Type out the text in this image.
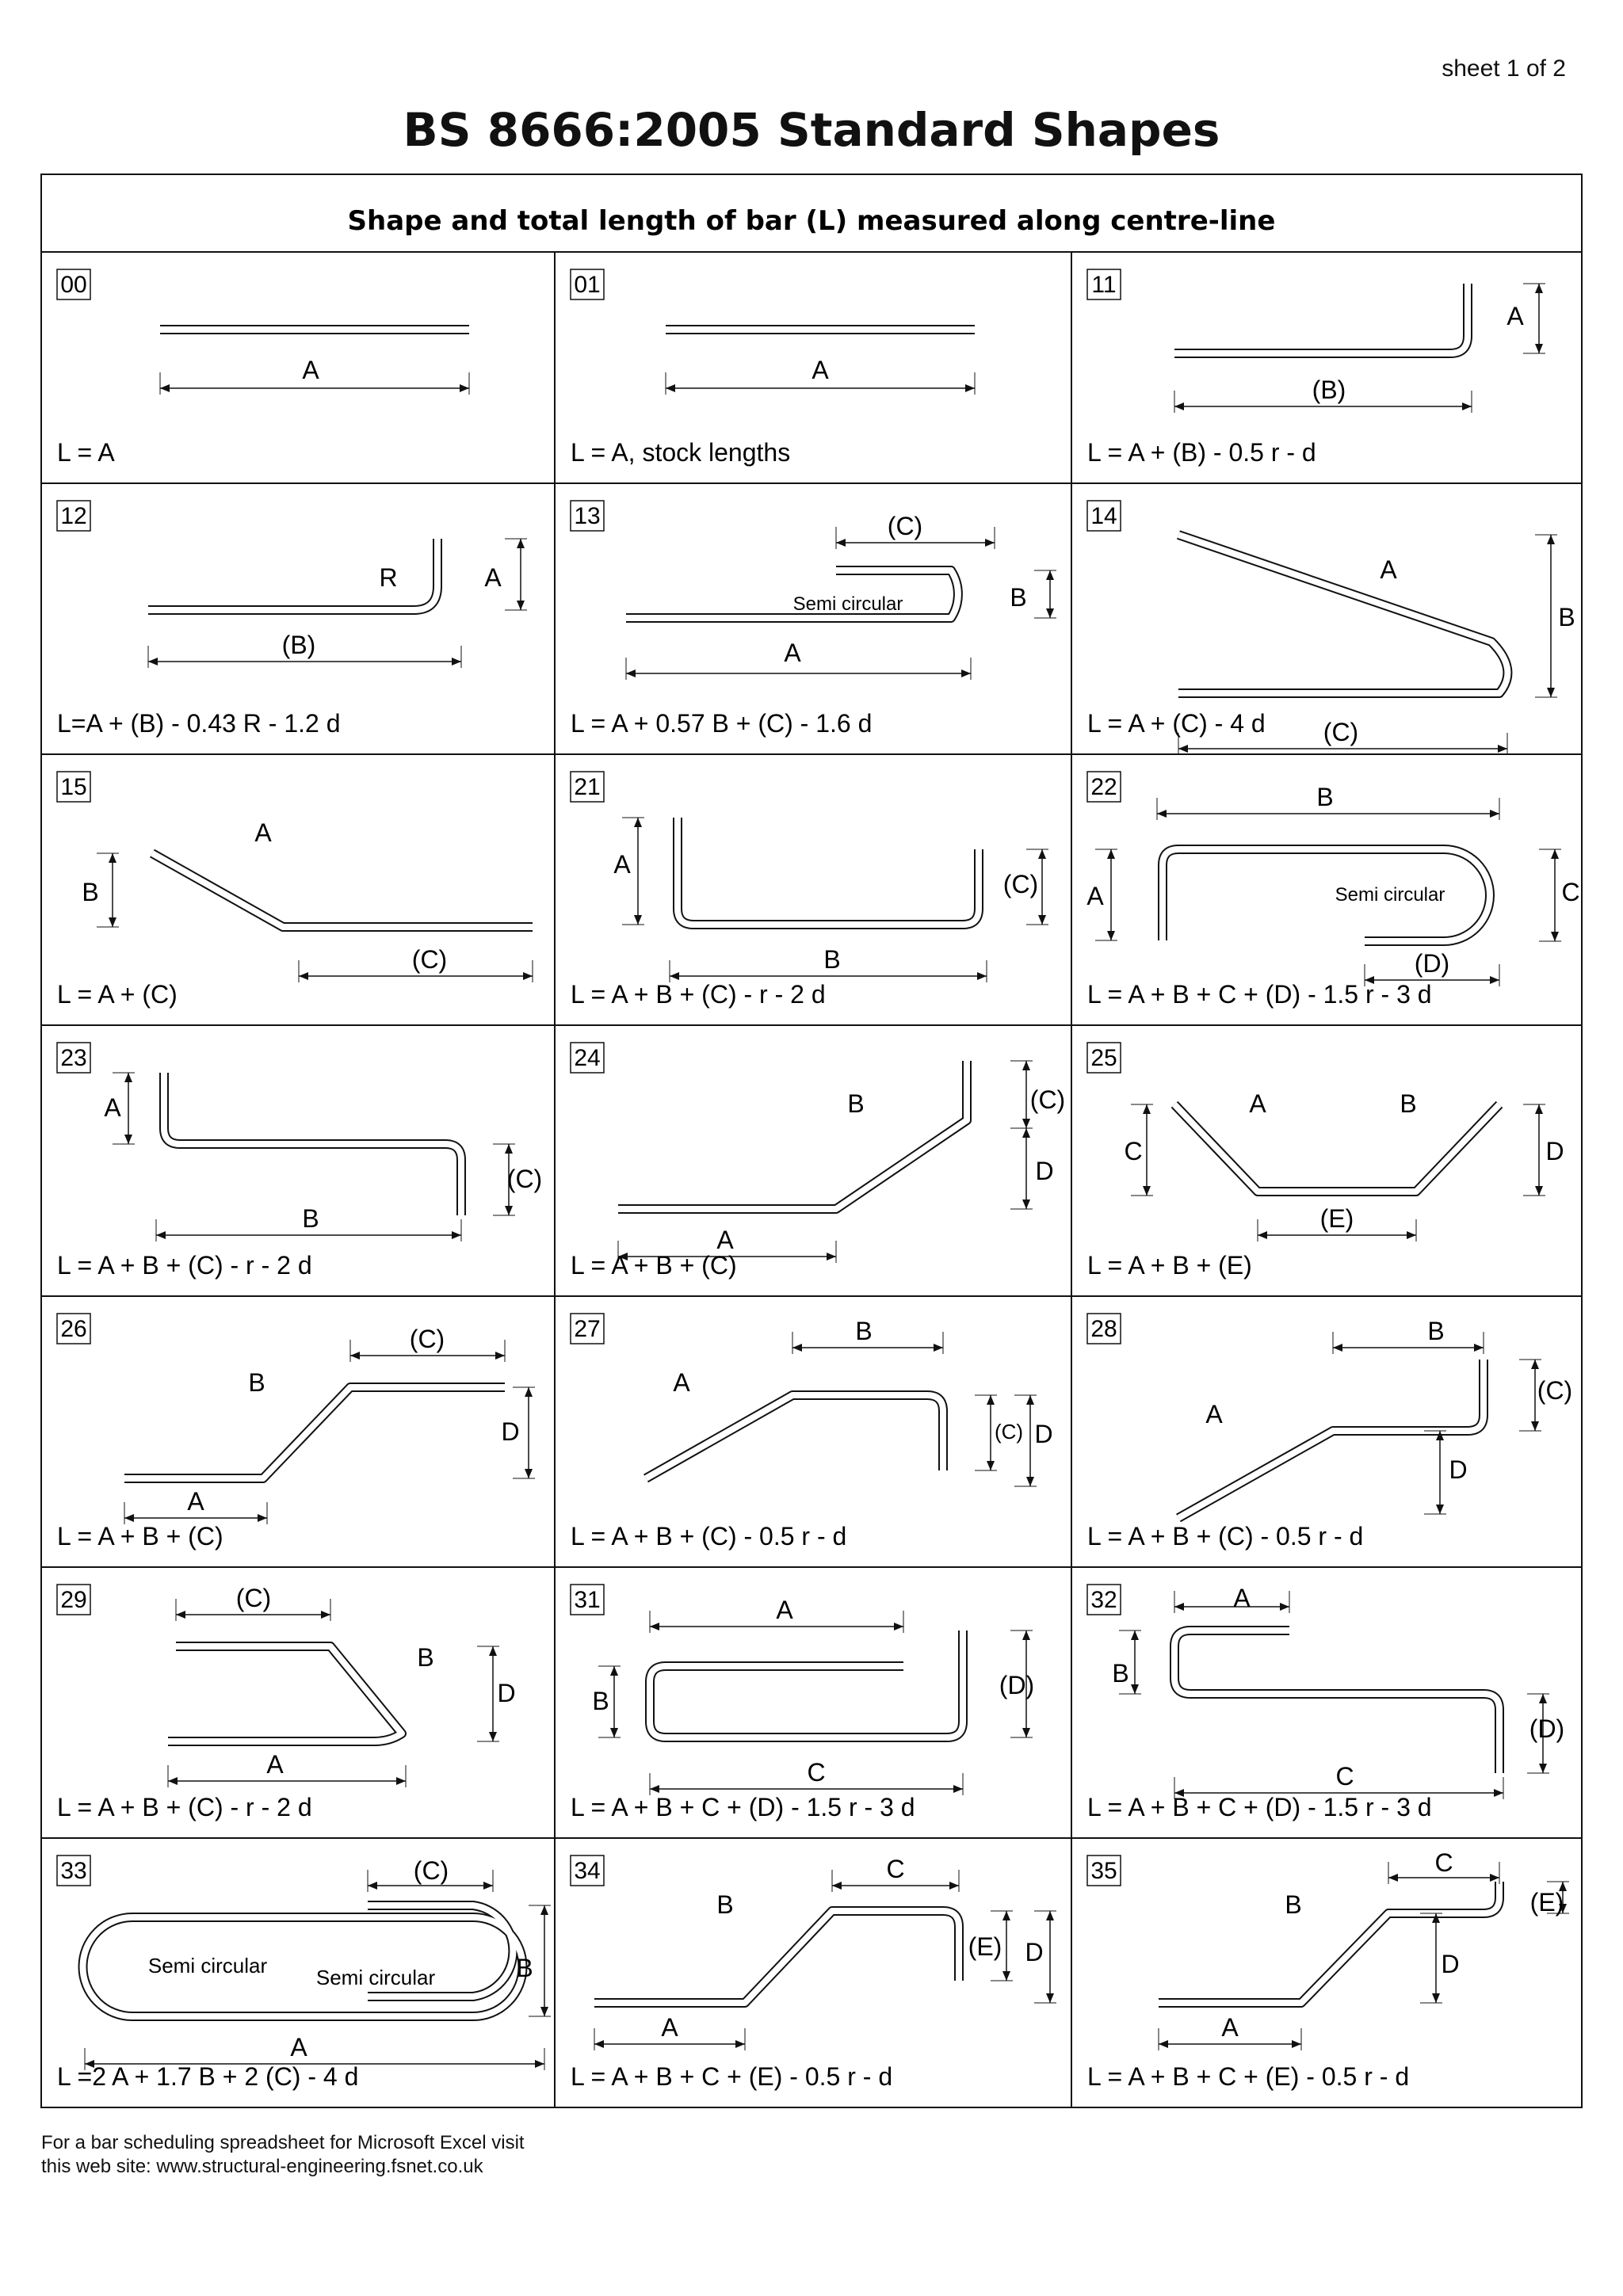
sheet 1 of 2
BS 8666:2005 Standard Shapes
Shape and total length of bar (L) measured along centre-line
00
A
L = A
01
A
L = A, stock lengths
11
A
(B)
L = A + (B) - 0.5 r - d
12
R	A
(B)
L=A + (B) - 0.43 R - 1.2 d
13	(C)
Semi circular	B
A
L = A + 0.57 B + (C) - 1.6 d
14
A
B
(C)
L = A + (C) - 4 d
15
A
B
(C)
L = A + (C)
21
A
(C)
B
L = A + B + (C) - r - 2 d
22	B
A	Semi circular	C
(D)
L = A + B + C + (D) - 1.5 r - 3 d
23
A
(C)
B
L = A + B + (C) - r - 2 d
24
B	(C)
D
A
L = A + B + (C)
25
A	B
C	D
(E)
L = A + B + (E)
26	(C)
B
D
A
L = A + B + (C)
27	B
A
(C) D
L = A + B + (C) - 0.5 r - d
28	B
A
(C)
D
L = A + B + (C) - 0.5 r - d
29	(C)
B
D
A
L = A + B + (C) - r - 2 d
31	A
B
(D)
C
L = A + B + C + (D) - 1.5 r - 3 d
32	A
B
(D)
C
L = A + B + C + (D) - 1.5 r - 3 d
33	(C)
Semi circular Semi circular	B
A
L =2 A + 1.7 B + 2 (C) - 4 d
34	C
B
(E) D
A
L = A + B + C + (E) - 0.5 r - d
35	C
B	(E)
D
A
L = A + B + C + (E) - 0.5 r - d
For a bar scheduling spreadsheet for Microsoft Excel visit
this web site: www.structural-engineering.fsnet.co.uk
